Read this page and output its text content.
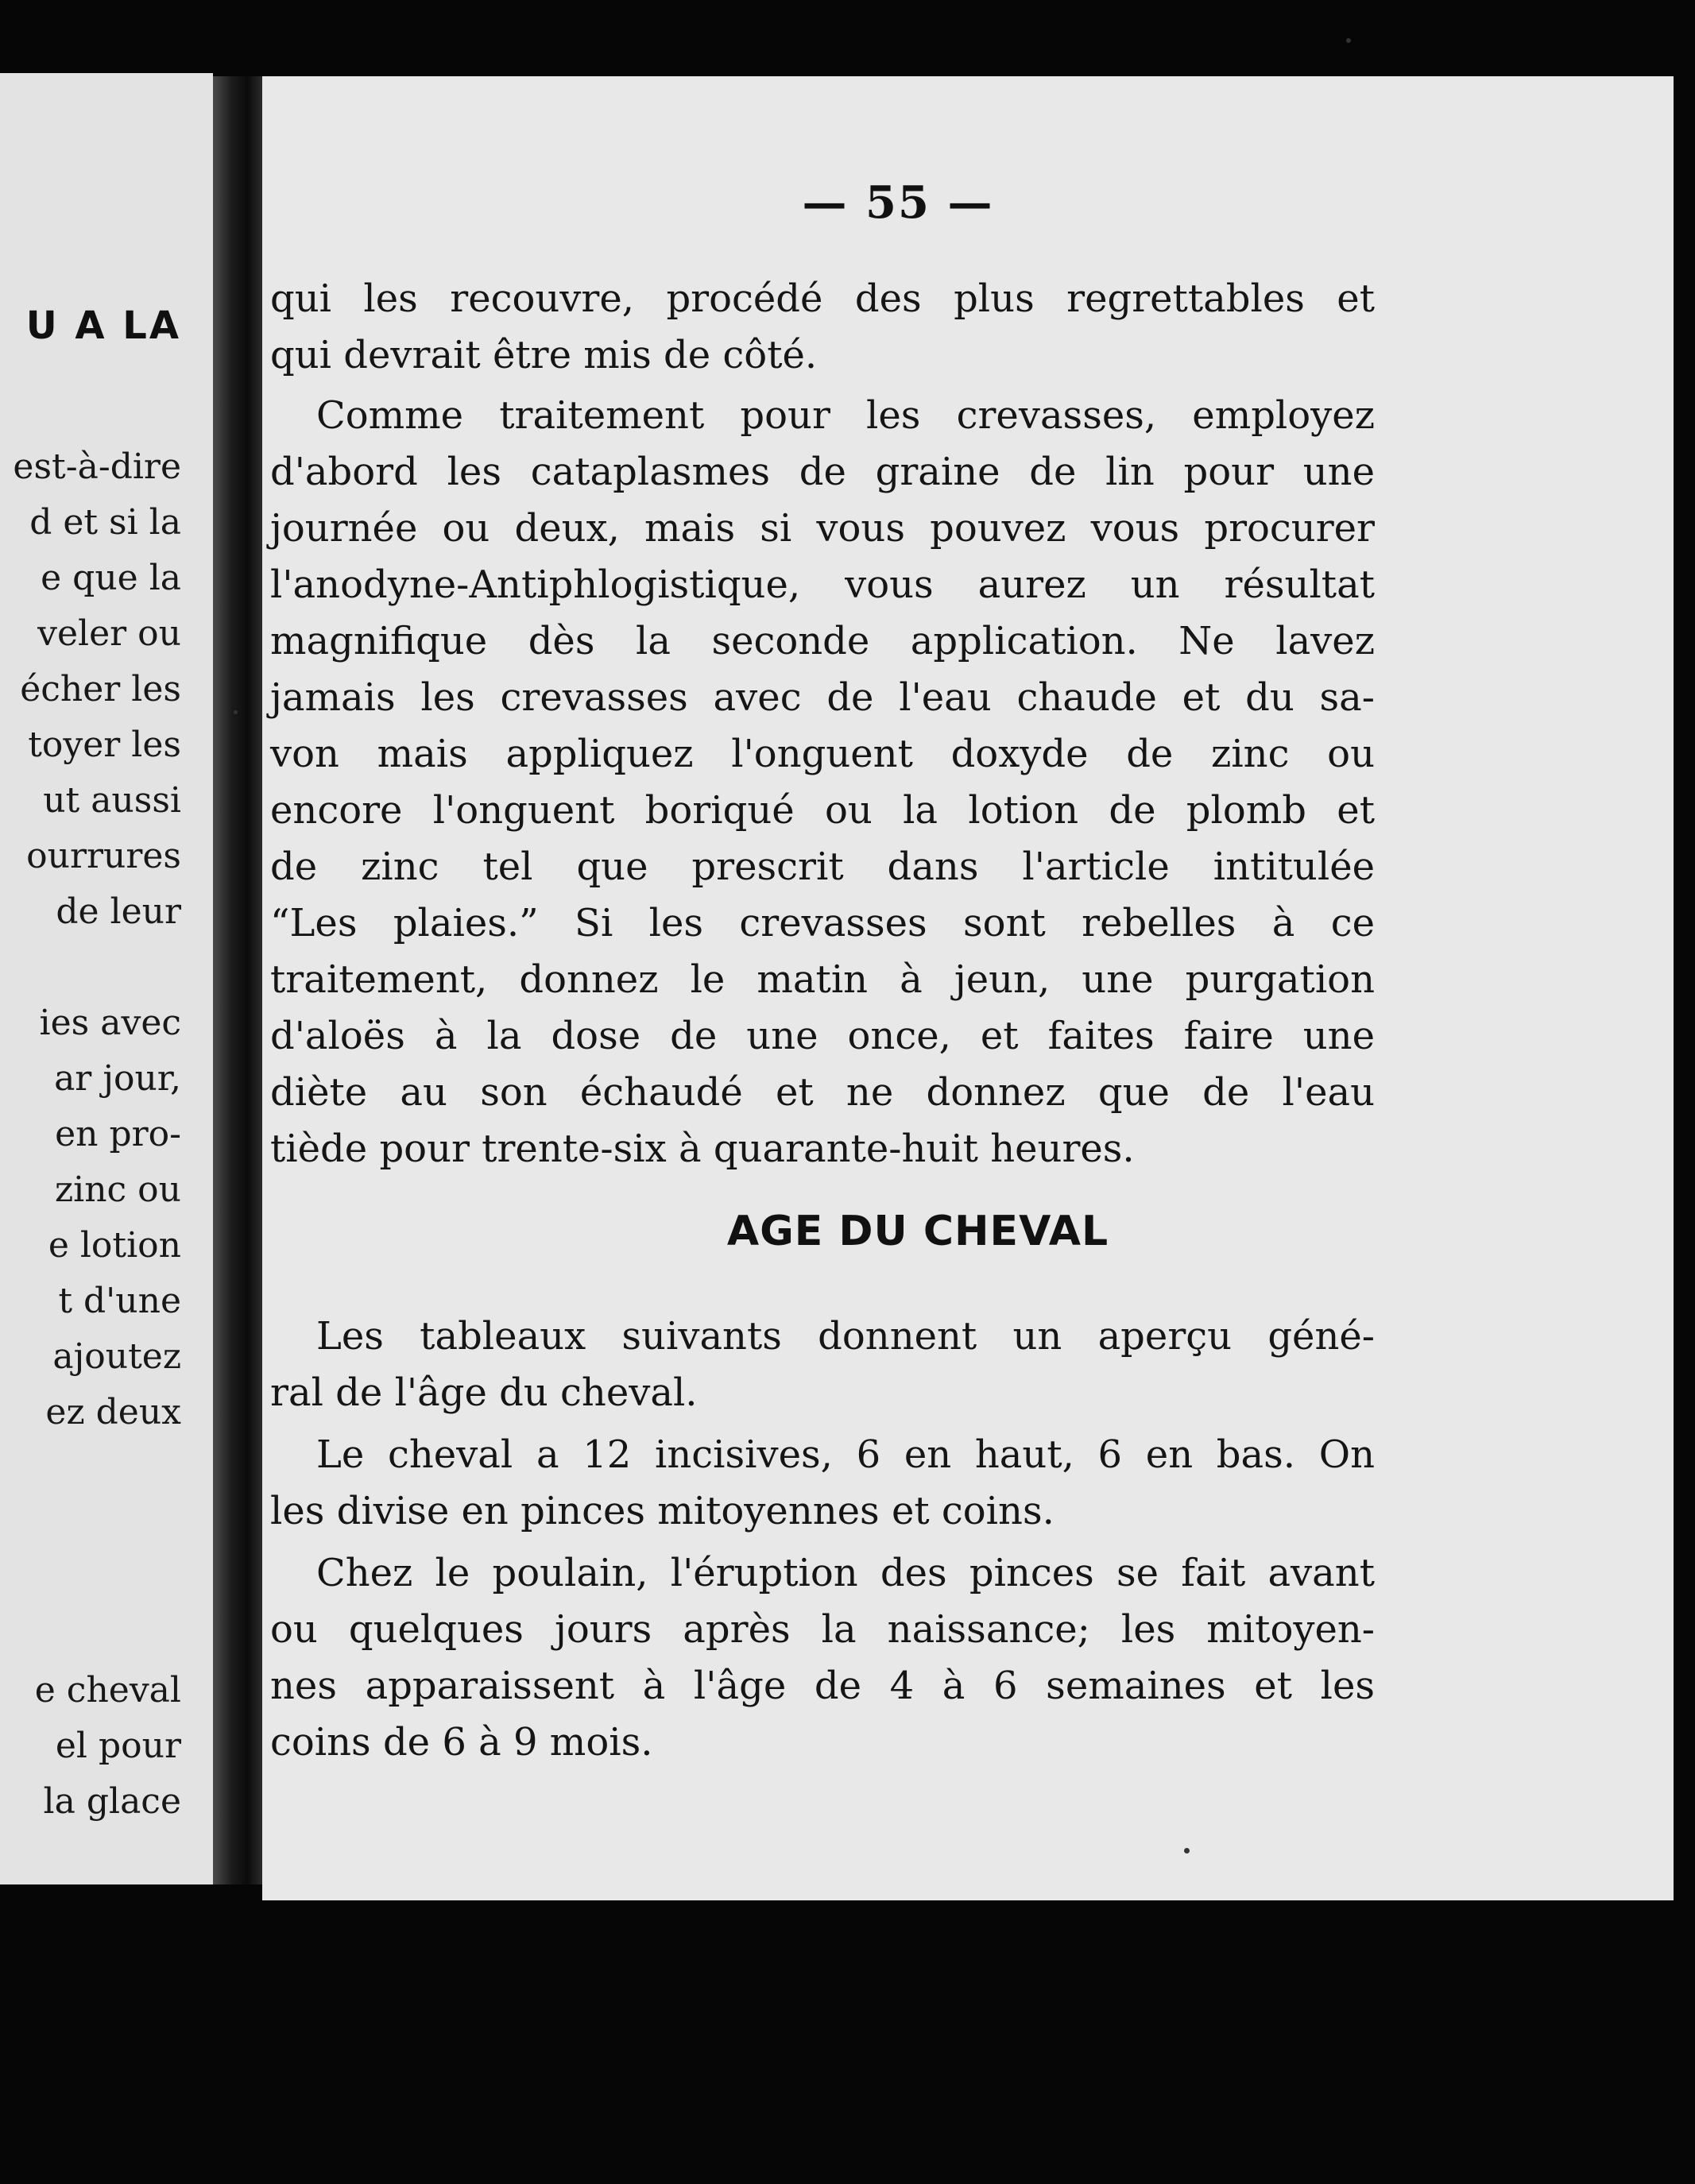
U A LA
est-à-dire
d et si la
e que la
veler ou
écher les
toyer les
ut aussi
ourrures
de leur
ies avec
ar jour,
en pro-
zinc ou
e lotion
t d'une
ajoutez
ez deux
e cheval
el pour
la glace
— 55 —
qui les recouvre, procédé des plus regrettables et
qui devrait être mis de côté.
Comme traitement pour les crevasses, employez
d'abord les cataplasmes de graine de lin pour une
journée ou deux, mais si vous pouvez vous procurer
l'anodyne-Antiphlogistique, vous aurez un résultat
magnifique dès la seconde application. Ne lavez
jamais les crevasses avec de l'eau chaude et du sa-
von mais appliquez l'onguent doxyde de zinc ou
encore l'onguent boriqué ou la lotion de plomb et
de zinc tel que prescrit dans l'article intitulée
“Les plaies.” Si les crevasses sont rebelles à ce
traitement, donnez le matin à jeun, une purgation
d'aloës à la dose de une once, et faites faire une
diète au son échaudé et ne donnez que de l'eau
tiède pour trente-six à quarante-huit heures.
Les tableaux suivants donnent un aperçu géné-
ral de l'âge du cheval.
Le cheval a 12 incisives, 6 en haut, 6 en bas. On
les divise en pinces mitoyennes et coins.
Chez le poulain, l'éruption des pinces se fait avant
ou quelques jours après la naissance; les mitoyen-
nes apparaissent à l'âge de 4 à 6 semaines et les
coins de 6 à 9 mois.
AGE DU CHEVAL
